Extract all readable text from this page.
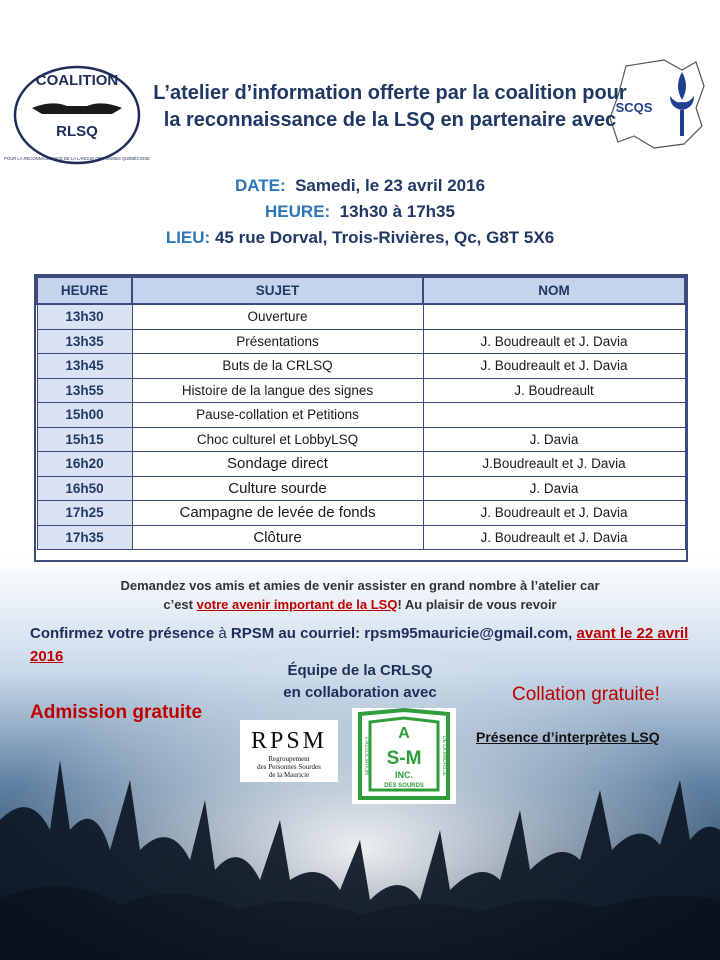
COALITION
RLSQ
POUR LA RECONNAISSANCE DE LA LANGUE DES SIGNES QUÉBÉCOISE
SCQS
L’atelier d’information offerte par la coalition pour
la reconnaissance de la LSQ en partenaire avec
DATE: Samedi, le 23 avril 2016
HEURE: 13h30 à 17h35
LIEU: 45 rue Dorval, Trois-Rivières, Qc, G8T 5X6
HEURE	SUJET	NOM
13h30	Ouverture	
13h35	Présentations	J. Boudreault et J. Davia
13h45	Buts de la CRLSQ	J. Boudreault et J. Davia
13h55	Histoire de la langue des signes	J. Boudreault
15h00	Pause-collation et Petitions	
15h15	Choc culturel et LobbyLSQ	J. Davia
16h20	Sondage direct	J.Boudreault et J. Davia
16h50	Culture sourde	J. Davia
17h25	Campagne de levée de fonds	J. Boudreault et J. Davia
17h35	Clôture	J. Boudreault et J. Davia
Demandez vos amis et amies de venir assister en grand nombre à l’atelier car
c’est votre avenir important de la LSQ! Au plaisir de vous revoir
Confirmez votre présence à RPSM au courriel: rpsm95mauricie@gmail.com, avant le 22 avril 2016
Équipe de la CRLSQ
en collaboration avec
Admission gratuite
Collation gratuite!
Présence d’interprètes LSQ
RPSM
Regroupement
des Personnes Sourdes
de la Mauricie
A
S-M
INC.
DES SOURDS
L'ASSOCIATION	DE LA MAURICIE
